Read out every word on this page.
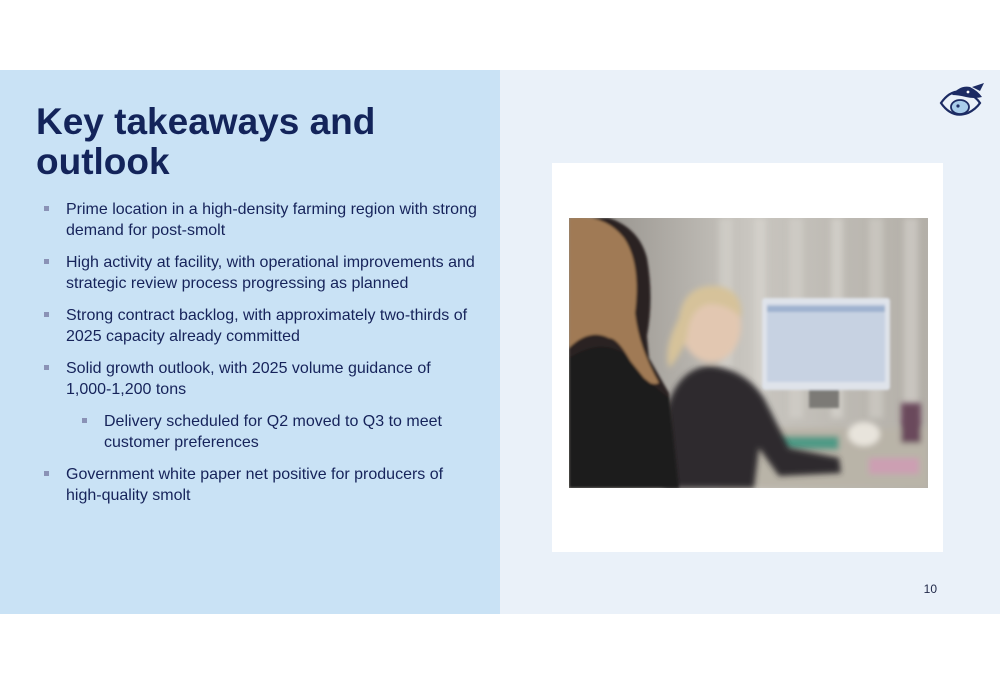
Key takeaways and outlook
Prime location in a high-density farming region with strong demand for post-smolt
High activity at facility, with operational improvements and strategic review process progressing as planned
Strong contract backlog, with approximately two-thirds of 2025 capacity already committed
Solid growth outlook, with 2025 volume guidance of 1,000-1,200 tons
Delivery scheduled for Q2 moved to Q3 to meet customer preferences
Government white paper net positive for producers of high-quality smolt
10
